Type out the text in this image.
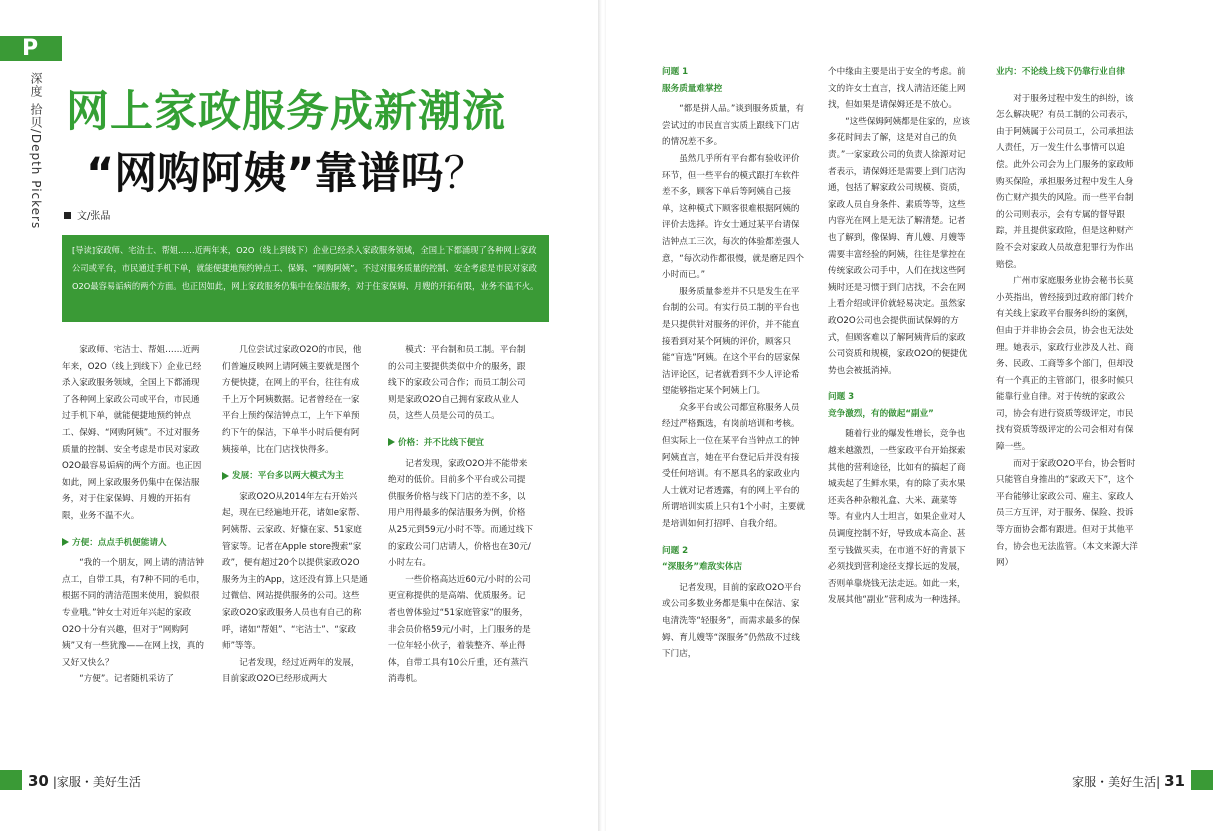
P
深度 拾贝/Depth Pickers 网上家政服务成新潮流
“网购阿姨”靠谱吗？
文/张晶
[导读]家政师、宅洁士、帮姐……近两年来，O2O（线上到线下）企业已经杀入家政服务领域，全国上下都涌现了各种网上家政公司或平台，市民通过手机下单，就能便捷地预约钟点工、保姆、“网购阿姨”。不过对服务质量的控制、安全考虑是市民对家政O2O最容易诟病的两个方面。也正因如此，网上家政服务仍集中在保洁服务，对于住家保姆、月嫂的开拓有限，业务不温不火。

家政师、宅洁士、帮姐……近两年来，O2O（线上到线下）企业已经杀入家政服务领域，全国上下都涌现了各种网上家政公司或平台，市民通过手机下单，就能便捷地预约钟点工、保姆、“网购阿姨”。不过对服务质量的控制、安全考虑是市民对家政O2O最容易诟病的两个方面。也正因如此，网上家政服务仍集中在保洁服务，对于住家保姆、月嫂的开拓有限，业务不温不火。

方便：点点手机便能请人

“我的一个朋友，网上请的清洁钟点工，自带工具，有7种不同的毛巾，根据不同的清洁范围来使用，貌似很专业哦。”钟女士对近年兴起的家政O2O十分有兴趣，但对于“网购阿姨”又有一些犹豫——在网上找，真的又好又快么？

“方便”。记者随机采访了

几位尝试过家政O2O的市民，他们普遍反映网上请阿姨主要就是图个方便快捷，在网上的平台，往往有成千上万个阿姨数据。记者曾经在一家平台上预约保洁钟点工，上午下单预约下午的保洁，下单半小时后便有阿姨接单，比在门店找快得多。

发展：平台多以两大模式为主

家政O2O从2014年左右开始兴起，现在已经遍地开花，诸如e家帮、阿姨帮、云家政、好慷在家、51家庭管家等。记者在Apple store搜索“家政”，便有超过20个以提供家政O2O服务为主的App，这还没有算上只是通过微信、网站提供服务的公司。这些家政O2O家政服务人员也有自己的称呼，诸如“帮姐”、“宅洁士”、“家政师”等等。

记者发现，经过近两年的发展，目前家政O2O已经形成两大

模式：平台制和员工制。平台制的公司主要提供类似中介的服务，跟线下的家政公司合作；而员工制公司则是家政O2O自己拥有家政从业人员，这些人员是公司的员工。

价格：并不比线下便宜

记者发现，家政O2O并不能带来绝对的低价。目前多个平台或公司提供服务价格与线下门店的差不多，以用户用得最多的保洁服务为例，价格从25元到59元/小时不等。而通过线下的家政公司门店请人，价格也在30元/小时左右。

一些价格高达近60元/小时的公司更宣称提供的是高端、优质服务。记者也曾体验过“51家庭管家”的服务，非会员价格59元/小时，上门服务的是一位年轻小伙子，着装整齐、举止得体，自带工具有10公斤重，还有蒸汽消毒机。

30 |家服・美好生活
问题 1
服务质量难掌控

“都是拼人品。”谈到服务质量，有尝试过的市民直言实质上跟线下门店的情况差不多。

虽然几乎所有平台都有验收评价环节，但一些平台的模式跟打车软件差不多，顾客下单后等阿姨自己接单，这种模式下顾客很难根据阿姨的评价去选择。许女士通过某平台请保洁钟点工三次，每次的体验都差强人意，“每次动作都很慢，就是磨足四个小时而已。”

服务质量参差并不只是发生在平台制的公司。有实行员工制的平台也是只提供针对服务的评价，并不能直接看到对某个阿姨的评价，顾客只能“盲选”阿姨。在这个平台的居家保洁评论区，记者就看到不少人评论希望能够指定某个阿姨上门。

众多平台或公司都宣称服务人员经过严格甄选，有岗前培训和考核。但实际上一位在某平台当钟点工的钟阿姨直言，她在平台登记后并没有接受任何培训。有不愿具名的家政业内人士就对记者透露，有的网上平台的所谓培训实质上只有1个小时，主要就是培训如何打招呼、自我介绍。

问题 2
“深服务”难敌实体店

记者发现，目前的家政O2O平台或公司多数业务都是集中在保洁、家电清洗等“轻服务”，而需求最多的保姆、育儿嫂等“深服务”仍然敌不过线下门店，

个中缘由主要是出于安全的考虑。前文的许女士直言，找人清洁还能上网找，但如果是请保姆还是不放心。

“这些保姆阿姨都是住家的，应该多花时间去了解，这是对自己的负责。”一家家政公司的负责人徐源对记者表示，请保姆还是需要上到门店沟通，包括了解家政公司规模、资质，家政人员自身条件、素质等等，这些内容光在网上是无法了解清楚。记者也了解到，像保姆、育儿嫂、月嫂等需要丰富经验的阿姨，往往是掌控在传统家政公司手中，人们在找这些阿姨时还是习惯于到门店找，不会在网上看介绍或评价就轻易决定。虽然家政O2O公司也会提供面试保姆的方式，但顾客难以了解阿姨背后的家政公司资质和规模，家政O2O的便捷优势也会被抵消掉。

问题 3
竞争激烈，有的做起“副业”

随着行业的爆发性增长，竞争也越来越激烈，一些家政平台开始探索其他的营利途径，比如有的搞起了商城卖起了生鲜水果，有的除了卖水果还卖各种杂粮礼盒、大米、蔬菜等等。有业内人士坦言，如果企业对人员调度控制不好，导致成本高企、甚至亏钱做买卖，在市道不好的背景下必须找到营利途径支撑长远的发展，否则单靠烧钱无法走远。如此一来，发展其他“副业”营利成为一种选择。

业内：不论线上线下仍靠行业自律

对于服务过程中发生的纠纷，该怎么解决呢？有员工制的公司表示，由于阿姨属于公司员工，公司承担法人责任，万一发生什么事情可以追偿。此外公司会为上门服务的家政师购买保险，承担服务过程中发生人身伤亡财产损失的风险。而一些平台制的公司则表示，会有专属的督导跟踪，并且提供家政险，但是这种财产险不会对家政人员故意犯罪行为作出赔偿。

广州市家庭服务业协会秘书长莫小英指出，曾经接到过政府部门转介有关线上家政平台服务纠纷的案例，但由于并非协会会员，协会也无法处理。她表示，家政行业涉及人社、商务、民政、工商等多个部门，但却没有一个真正的主管部门，很多时候只能靠行业自律。对于传统的家政公司，协会有进行资质等级评定，市民找有资质等级评定的公司会相对有保障一些。

而对于家政O2O平台，协会暂时只能管自身推出的“家政天下”，这个平台能够让家政公司、雇主、家政人员三方互评，对于服务、保险、投诉等方面协会都有跟进。但对于其他平台，协会也无法监管。（本文来源大洋网）

家服・美好生活| 31
